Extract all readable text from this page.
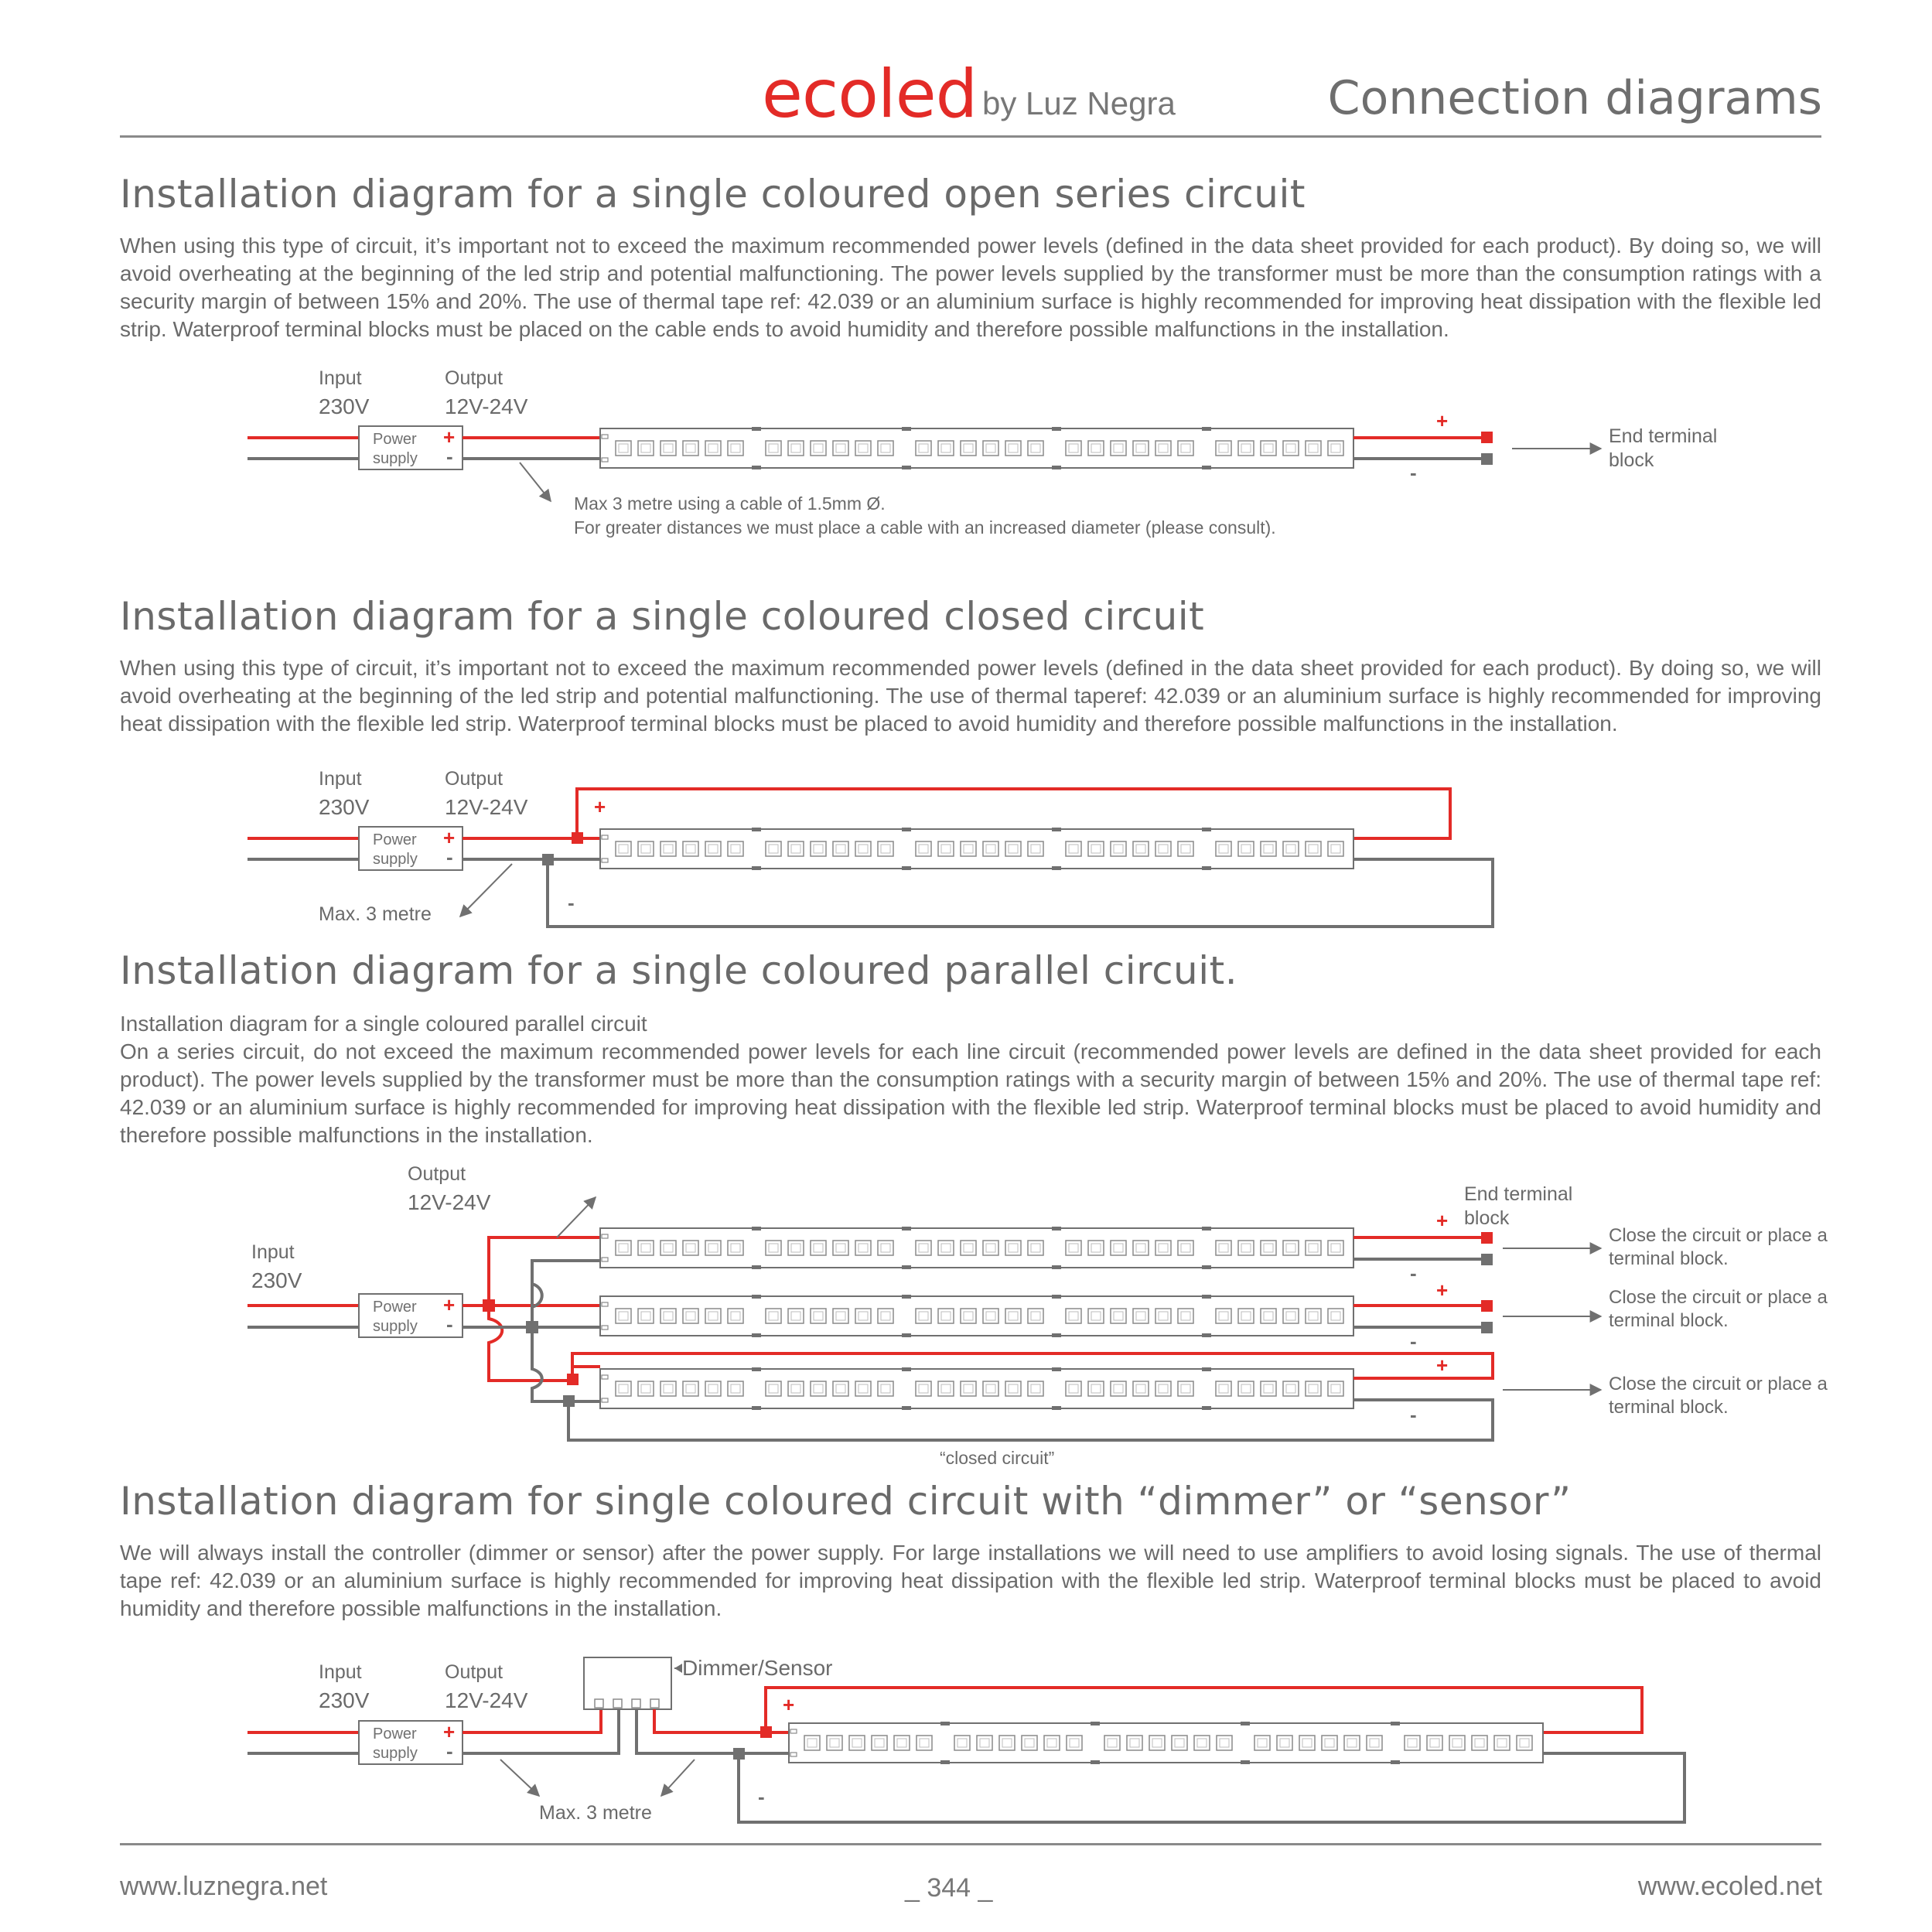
ecoled by Luz Negra	Connection diagrams
Installation diagram for a single coloured open series circuit

When using this type of circuit, it’s important not to exceed the maximum recommended power levels (defined in the data sheet provided for each product). By doing so, we will avoid overheating at the beginning of the led strip and potential malfunctioning. The power levels supplied by the transformer must be more than the consumption ratings with a security margin of between 15% and 20%. The use of thermal tape ref: 42.039 or an aluminium surface is highly recommended for improving heat dissipation with the flexible led strip. Waterproof terminal blocks must be placed on the cable ends to avoid humidity and therefore possible malfunctions in the installation.

Installation diagram for a single coloured closed circuit

When using this type of circuit, it’s important not to exceed the maximum recommended power levels (defined in the data sheet provided for each product). By doing so, we will avoid overheating at the beginning of the led strip and potential malfunctioning. The use of thermal taperef: 42.039 or an aluminium surface is highly recommended for improving heat dissipation with the flexible led strip. Waterproof terminal blocks must be placed to avoid humidity and therefore possible malfunctions in the installation.

Installation diagram for a single coloured parallel circuit.

Installation diagram for a single coloured parallel circuit

On a series circuit, do not exceed the maximum recommended power levels for each line circuit (recommended power levels are defined in the data sheet provided for each product). The power levels supplied by the transformer must be more than the consumption ratings with a security margin of between 15% and 20%. The use of thermal tape ref: 42.039 or an aluminium surface is highly recommended for improving heat dissipation with the flexible led strip. Waterproof terminal blocks must be placed to avoid humidity and therefore possible malfunctions in the installation.

Installation diagram for single coloured circuit with “dimmer” or “sensor”

We will always install the controller (dimmer or sensor) after the power supply. For large installations we will need to use amplifiers to avoid losing signals. The use of thermal tape ref: 42.039 or an aluminium surface is highly recommended for improving heat dissipation with the flexible led strip. Waterproof terminal blocks must be placed to avoid humidity and therefore possible malfunctions in the installation.

Input
230V
Output
12V-24V
Power
supply
+
-
+
-
End terminal
block
Max 3 metre using a cable of 1.5mm Ø.
For greater distances we must place a cable with an increased diameter (please consult).
Input
230V
Output
12V-24V
Power
supply
+
-
+
-
Max. 3 metre
Output
12V-24V
Input
230V
Power
supply
+
-
+
-
End terminal
block
Close the circuit or place a
terminal block.
+
-
Close the circuit or place a
terminal block.
+
-
Close the circuit or place a
terminal block.
“closed circuit”
Input
230V
Output
12V-24V
Power
supply
+
-
Dimmer/Sensor
+
-
Max. 3 metre
www.luznegra.net	_ 344 _	www.ecoled.net
